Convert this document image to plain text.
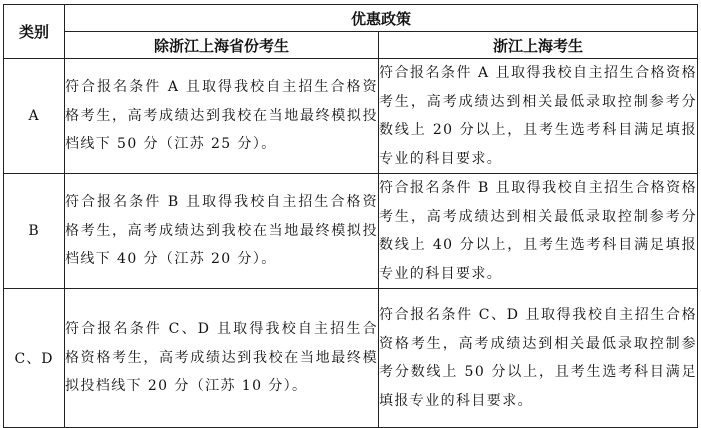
类别	优惠政策	
	除浙江上海省份考生	浙江上海考生
A	符合报名条件 A 且取得我校自主招生合格资格考生，高考成绩达到我校在当地最终模拟投档线下 50 分（江苏 25 分）。	符合报名条件 A 且取得我校自主招生合格资格考生，高考成绩达到相关最低录取控制参考分数线上 20 分以上，且考生选考科目满足填报专业的科目要求。
B	符合报名条件 B 且取得我校自主招生合格资格考生，高考成绩达到我校在当地最终模拟投档线下 40 分（江苏 20 分）。	符合报名条件 B 且取得我校自主招生合格资格考生，高考成绩达到相关最低录取控制参考分数线上 40 分以上，且考生选考科目满足填报专业的科目要求。
C、D	符合报名条件 C、D 且取得我校自主招生合格资格考生，高考成绩达到我校在当地最终模拟投档线下 20 分（江苏 10 分）。	符合报名条件 C、D 且取得我校自主招生合格资格考生，高考成绩达到相关最低录取控制参考分数线上 50 分以上，且考生选考科目满足填报专业的科目要求。
